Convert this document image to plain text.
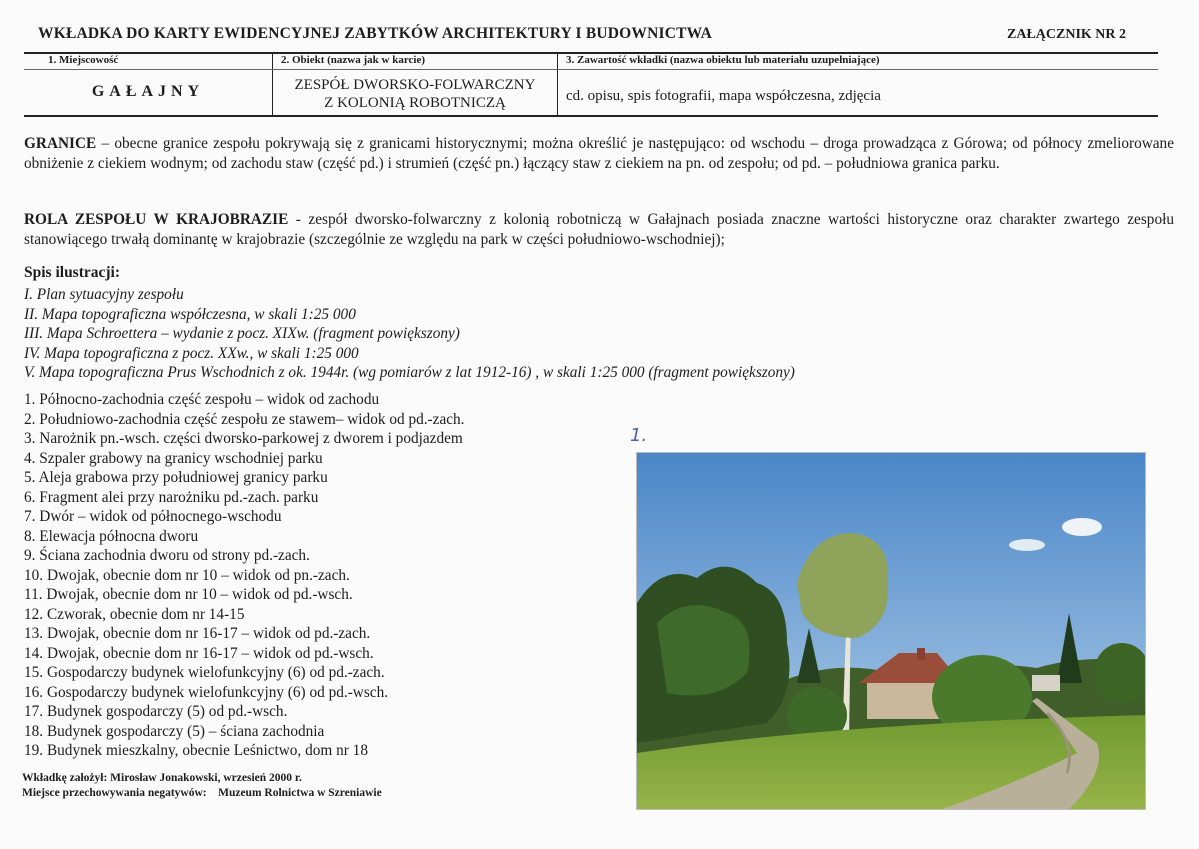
WKŁADKA DO KARTY EWIDENCYJNEJ ZABYTKÓW ARCHITEKTURY I BUDOWNICTWA	ZAŁĄCZNIK NR 2
1. Miejscowość
GAŁAJNY
2. Obiekt (nazwa jak w karcie)
ZESPÓŁ DWORSKO-FOLWARCZNY
Z KOLONIĄ ROBOTNICZĄ
3. Zawartość wkładki (nazwa obiektu lub materiału uzupełniające)
cd. opisu, spis fotografii, mapa współczesna, zdjęcia
GRANICE – obecne granice zespołu pokrywają się z granicami historycznymi; można określić je następująco: od wschodu – droga prowadząca z Górowa; od północy zmeliorowane obniżenie z ciekiem wodnym; od zachodu staw (część pd.) i strumień (część pn.) łączący staw z ciekiem na pn. od zespołu; od pd. – południowa granica parku.
ROLA ZESPOŁU W KRAJOBRAZIE - zespół dworsko-folwarczny z kolonią robotniczą w Gałajnach posiada znaczne wartości historyczne oraz charakter zwartego zespołu stanowiącego trwałą dominantę w krajobrazie (szczególnie ze względu na park w części południowo-wschodniej);
Spis ilustracji:
I. Plan sytuacyjny zespołu
II. Mapa topograficzna współczesna, w skali 1:25 000
III. Mapa Schroettera – wydanie z pocz. XIXw. (fragment powiększony)
IV. Mapa topograficzna z pocz. XXw., w skali 1:25 000
V. Mapa topograficzna Prus Wschodnich z ok. 1944r. (wg pomiarów z lat 1912-16) , w skali 1:25 000 (fragment powiększony)
1. Północno-zachodnia część zespołu – widok od zachodu
2. Południowo-zachodnia część zespołu ze stawem– widok od pd.-zach.
3. Narożnik pn.-wsch. części dworsko-parkowej z dworem i podjazdem
4. Szpaler grabowy na granicy wschodniej parku
5. Aleja grabowa przy południowej granicy parku
6. Fragment alei przy narożniku pd.-zach. parku
7. Dwór – widok od północnego-wschodu
8. Elewacja północna dworu
9. Ściana zachodnia dworu od strony pd.-zach.
10. Dwojak, obecnie dom nr 10 – widok od pn.-zach.
11. Dwojak, obecnie dom nr 10 – widok od pd.-wsch.
12. Czworak, obecnie dom nr 14-15
13. Dwojak, obecnie dom nr 16-17 – widok od pd.-zach.
14. Dwojak, obecnie dom nr 16-17 – widok od pd.-wsch.
15. Gospodarczy budynek wielofunkcyjny (6) od pd.-zach.
16. Gospodarczy budynek wielofunkcyjny (6) od pd.-wsch.
17. Budynek gospodarczy (5) od pd.-wsch.
18. Budynek gospodarczy (5) – ściana zachodnia
19. Budynek mieszkalny, obecnie Leśnictwo, dom nr 18
Wkładkę założył: Mirosław Jonakowski, wrzesień 2000 r.
Miejsce przechowywania negatywów:    Muzeum Rolnictwa w Szreniawie
1.
